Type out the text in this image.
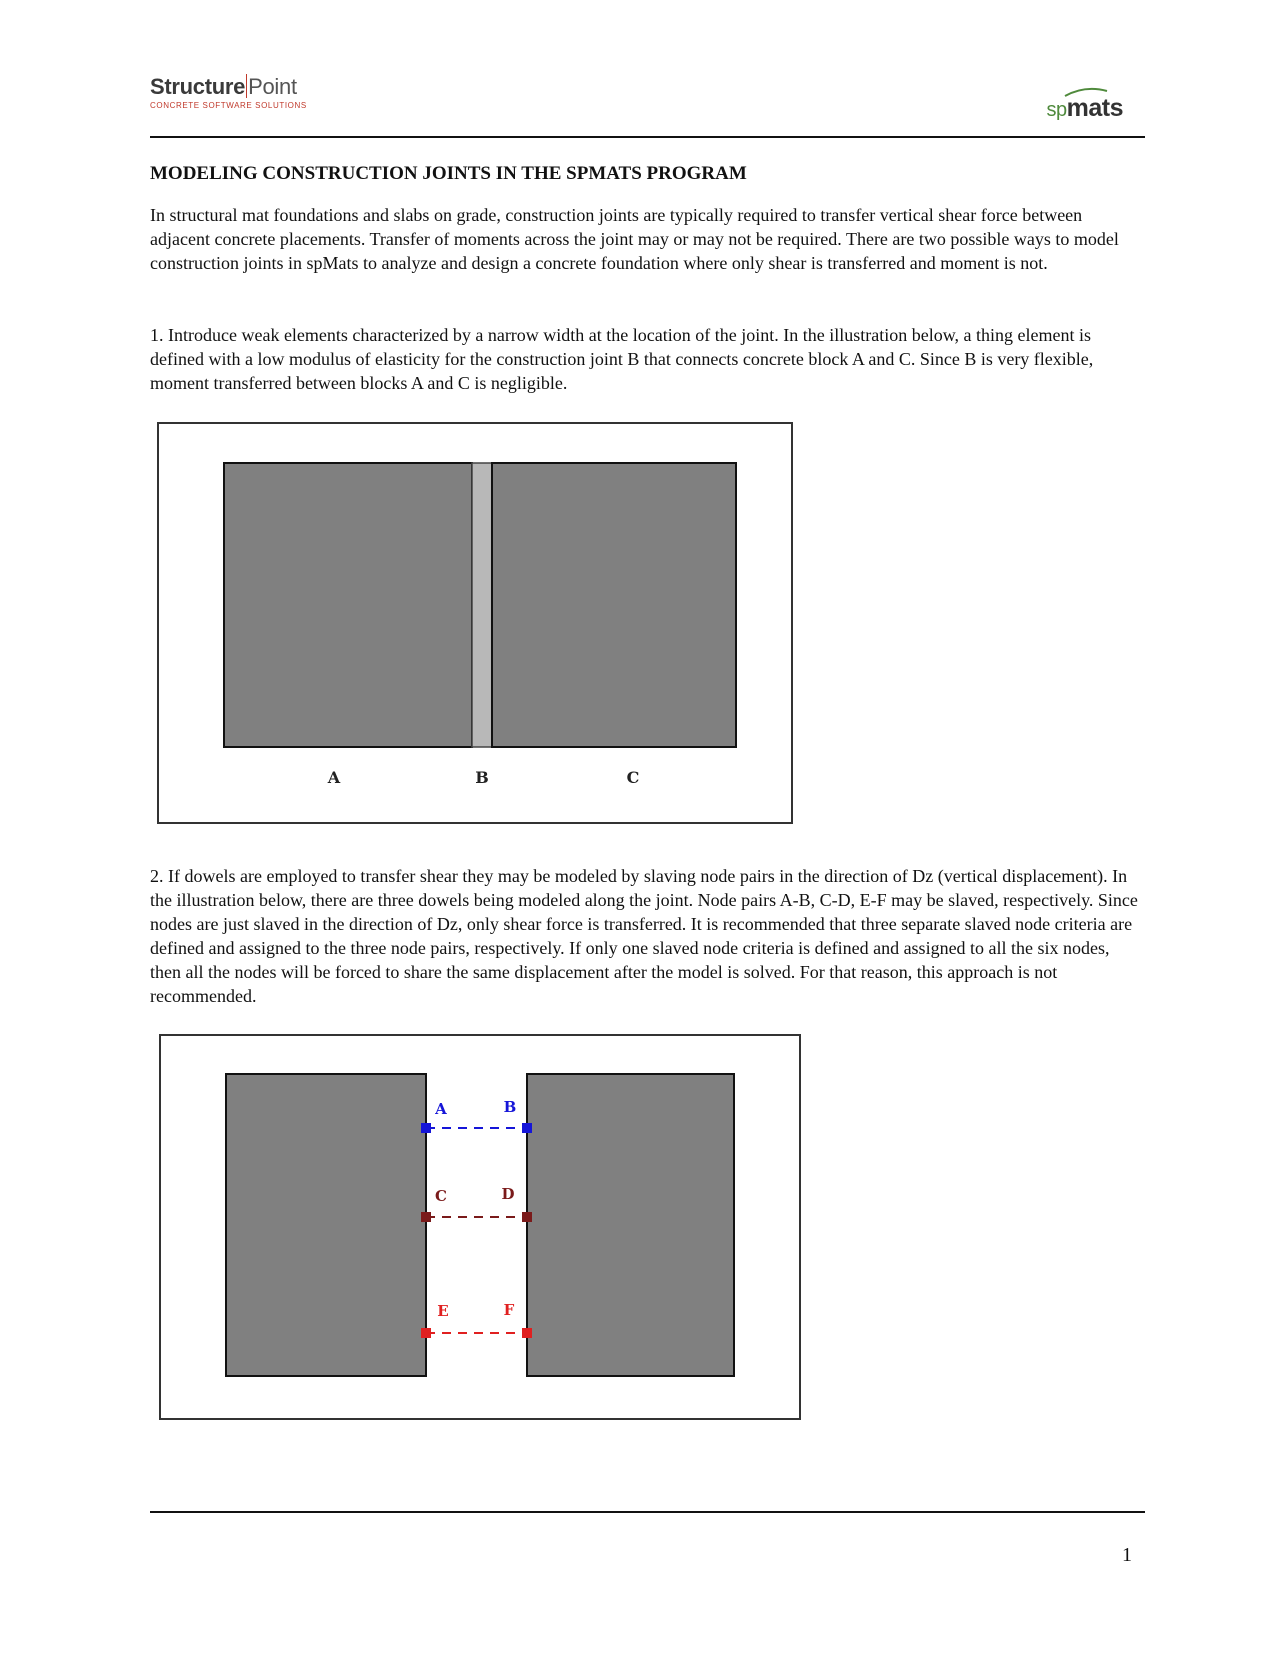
Structure Point
CONCRETE SOFTWARE SOLUTIONS	spmats
MODELING CONSTRUCTION JOINTS IN THE SPMATS PROGRAM

In structural mat foundations and slabs on grade, construction joints are typically required to transfer vertical shear force between adjacent concrete placements. Transfer of moments across the joint may or may not be required. There are two possible ways to model construction joints in spMats to analyze and design a concrete foundation where only shear is transferred and moment is not.

1. Introduce weak elements characterized by a narrow width at the location of the joint. In the illustration below, a thing element is defined with a low modulus of elasticity for the construction joint B that connects concrete block A and C. Since B is very flexible, moment transferred between blocks A and C is negligible.

A	B	C

2. If dowels are employed to transfer shear they may be modeled by slaving node pairs in the direction of Dz (vertical displacement). In the illustration below, there are three dowels being modeled along the joint. Node pairs A-B, C-D, E-F may be slaved, respectively. Since nodes are just slaved in the direction of Dz, only shear force is transferred. It is recommended that three separate slaved node criteria are defined and assigned to the three node pairs, respectively. If only one slaved node criteria is defined and assigned to all the six nodes, then all the nodes will be forced to share the same displacement after the model is solved. For that reason, this approach is not recommended.

A	B
C	D
E	F
1
